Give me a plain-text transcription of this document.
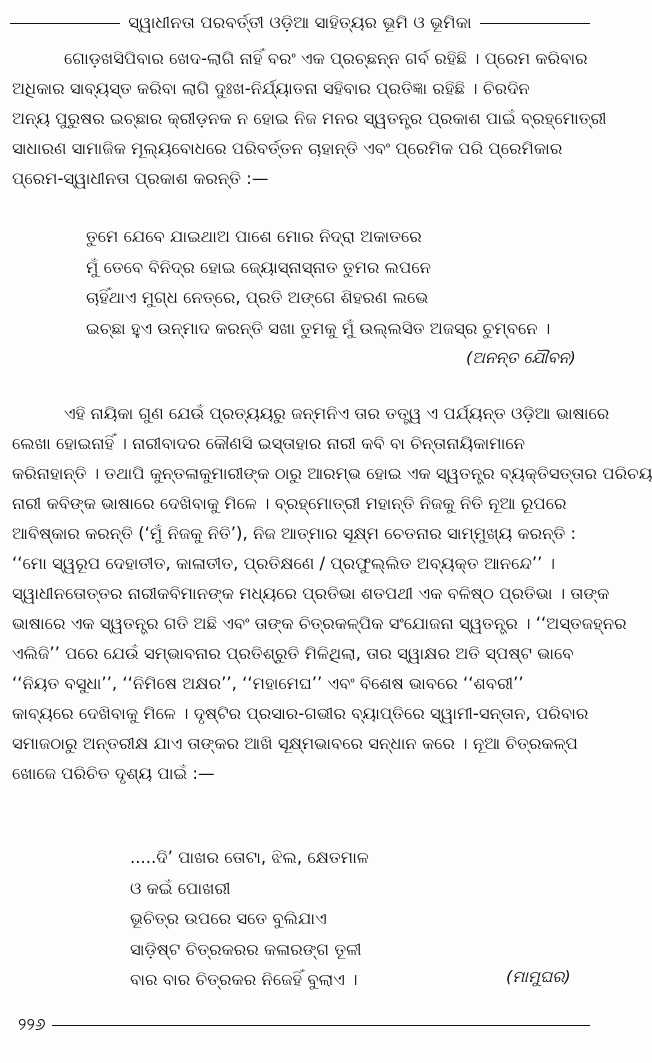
ସ୍ୱାଧୀନତା ପରବର୍ତ୍ତୀ ଓଡ଼ିଆ ସାହିତ୍ୟର ଭୂମି ଓ ଭୂମିକା
ଗୋଡ଼ଖସିପିବାର ଖେଦ-ଲାଗି ନାହିଁ ବରଂ ଏକ ପ୍ରଚ୍ଛନ୍ନ ଗର୍ବ ରହିଛି । ପ୍ରେମ କରିବାର
ଅଧିକାର ସାବ୍ୟସ୍ତ କରିବା ଲାଗି ଦୁଃଖ-ନିର୍ଯ୍ୟାତନା ସହିବାର ପ୍ରତିଜ୍ଞା ରହିଛି । ଚିରଦିନ
ଅନ୍ୟ ପୁରୁଷର ଇଚ୍ଛାର କ୍ରୀଡ଼ନକ ନ ହୋଇ ନିଜ ମନର ସ୍ୱତନ୍ତ୍ର ପ୍ରକାଶ ପାଇଁ ବ୍ରହ୍ମୋତ୍ରୀ
ସାଧାରଣ ସାମାଜିକ ମୂଲ୍ୟବୋଧରେ ପରିବର୍ତ୍ତନ ଚାହାନ୍ତି ଏବଂ ପ୍ରେମିକ ପରି ପ୍ରେମିକାର
ପ୍ରେମ-ସ୍ୱାଧୀନତା ପ୍ରକାଶ କରନ୍ତି :—
ତୁମେ ଯେବେ ଯାଇଥାଅ ପାଶେ ମୋର ନିଦ୍ରା ଅକାତରେ
ମୁଁ ତେବେ ବିନିଦ୍ର ହୋଇ ଜ୍ୟୋସ୍ନାସ୍ନାତ ତୁମର ଲପନେ
ଚାହିଁଥାଏ ମୁଗ୍ଧ ନେତ୍ରେ, ପ୍ରତି ଅଙ୍ଗେ ଶିହରଣ ଲଭେ
ଇଚ୍ଛା ହୁଏ ଉନ୍ମାଦ କରନ୍ତି ସଖା ତୁମକୁ ମୁଁ ଉଲ୍ଲସିତ ଅଜସ୍ର ଚୁମ୍ବନେ ।
(ଅନନ୍ତ ଯୌବନ)
ଏହି ନାୟିକା ଗୁଣ ଯେଉଁ ପ୍ରତ୍ୟୟରୁ ଜନ୍ମନିଏ ତାର ତତ୍ତ୍ୱ ଏ ପର୍ଯ୍ୟନ୍ତ ଓଡ଼ିଆ ଭାଷାରେ
ଲେଖା ହୋଇନାହିଁ । ନାରୀବାଦର କୌଣସି ଇସ୍ତାହାର ନାରୀ କବି ବା ଚିନ୍ତାନାୟିକାମାନେ
କରିନାହାନ୍ତି । ତଥାପି କୁନ୍ତଳାକୁମାରୀଙ୍କ ଠାରୁ ଆରମ୍ଭ ହୋଇ ଏକ ସ୍ୱତନ୍ତ୍ର ବ୍ୟକ୍ତିସତ୍ତାର ପରିଚୟ
ନାରୀ କବିଙ୍କ ଭାଷାରେ ଦେଖିବାକୁ ମିଳେ । ବ୍ରହ୍ମୋତ୍ରୀ ମହାନ୍ତି ନିଜକୁ ନିତି ନୂଆ ରୂପରେ
ଆବିଷ୍କାର କରନ୍ତି (‘ମୁଁ ନିଜକୁ ନିତି’), ନିଜ ଆତ୍ମାର ସୂକ୍ଷ୍ମ ଚେତନାର ସାମ୍ମୁଖ୍ୟ କରନ୍ତି :
‘‘ମୋ ସ୍ୱରୂପ ଦେହାତୀତ, କାଳାତୀତ, ପ୍ରତିକ୍ଷଣେ / ପ୍ରଫୁଲ୍ଲିତ ଅବ୍ୟକ୍ତ ଆନନ୍ଦେ’’ ।
ସ୍ୱାଧୀନତୋତ୍ତର ନାରୀକବିମାନଙ୍କ ମଧ୍ୟରେ ପ୍ରତିଭା ଶତପଥୀ ଏକ ବଳିଷ୍ଠ ପ୍ରତିଭା । ତାଙ୍କ
ଭାଷାରେ ଏକ ସ୍ୱତନ୍ତ୍ର ଗତି ଅଛି ଏବଂ ତାଙ୍କ ଚିତ୍ରକଳ୍ପିକ ସଂଯୋଜନା ସ୍ୱତନ୍ତ୍ର । ‘‘ଅସ୍ତଜହ୍ନର
ଏଲିଜି’’ ପରେ ଯେଉଁ ସମ୍ଭାବନାର ପ୍ରତିଶ୍ରୁତି ମିଳିଥିଲା, ତାର ସ୍ୱାକ୍ଷର ଅତି ସ୍ପଷ୍ଟ ଭାବେ
‘‘ନିୟତ ବସୁଧା’’, ‘‘ନିମିଷେ ଅକ୍ଷର’’, ‘‘ମହାମେଘ’’ ଏବଂ ବିଶେଷ ଭାବରେ ‘‘ଶବରୀ’’
କାବ୍ୟରେ ଦେଖିବାକୁ ମିଳେ । ଦୃଷ୍ଟିର ପ୍ରସାର-ଗଭୀର ବ୍ୟାପ୍ତିରେ ସ୍ୱାମୀ-ସନ୍ତାନ, ପରିବାର
ସମାଜଠାରୁ ଅନ୍ତରୀକ୍ଷ ଯାଏ ତାଙ୍କର ଆଖି ସୂକ୍ଷ୍ମଭାବରେ ସନ୍ଧାନ କରେ । ନୂଆ ଚିତ୍ରକଳ୍ପ
ଖୋଜେ ପରିଚିତ ଦୃଶ୍ୟ ପାଇଁ :—
.....ଦି’ ପାଖର ତୋଟା, ଝିଲ, କ୍ଷେତମାଳ
ଓ କଇଁ ପୋଖରୀ
ଭୂଚିତ୍ର ଉପରେ ସତେ ବୁଲିଯାଏ
ସାଡ଼ିଷ୍ଟ ଚିତ୍ରକରର କଳାରଙ୍ଗ ତୂଳୀ
ବାର ବାର ଚିତ୍ରକର ନିଜେହିଁ ବୁଲାଏ ।	(ମାମୁଘର)
୨୨୬
